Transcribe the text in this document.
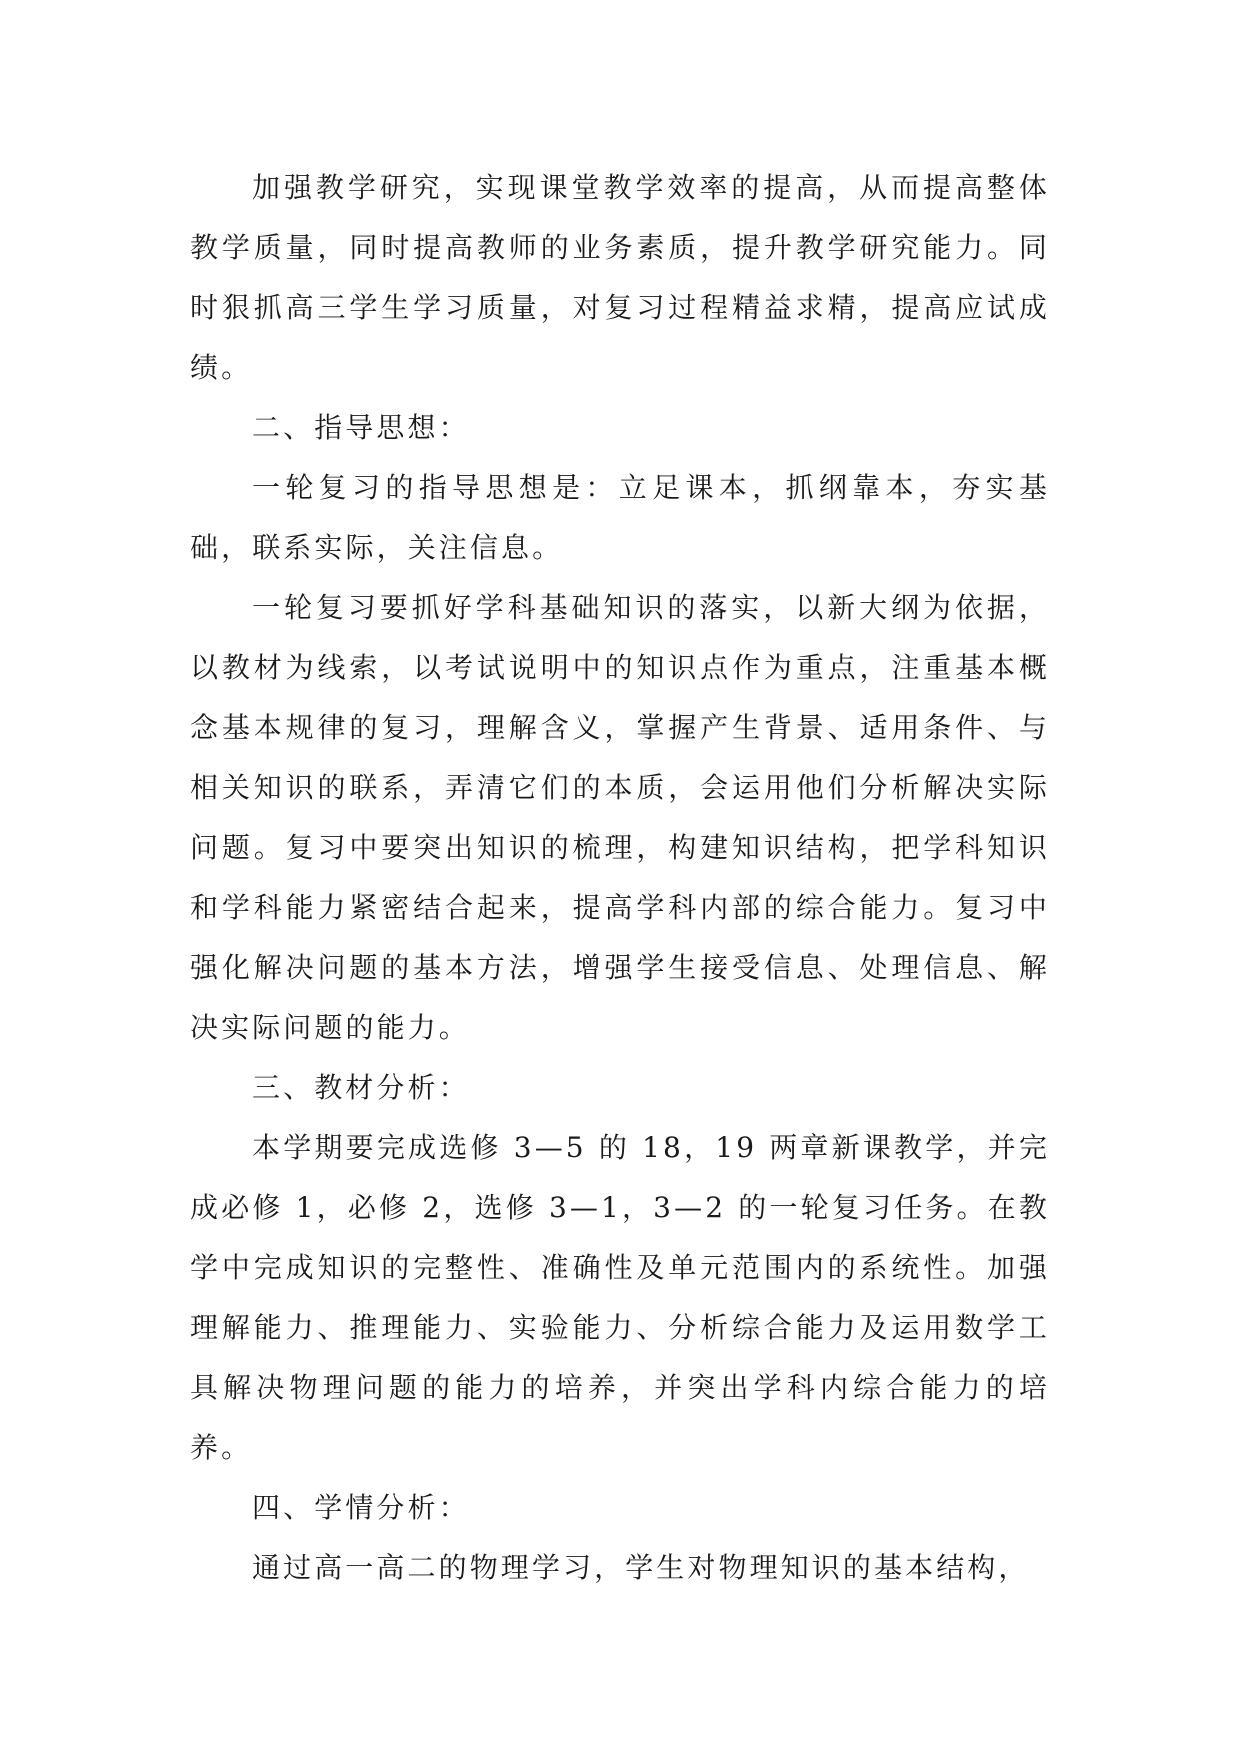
加强教学研究，实现课堂教学效率的提高，从而提高整体教学质量，同时提高教师的业务素质，提升教学研究能力。同时狠抓高三学生学习质量，对复习过程精益求精，提高应试成绩。

二、指导思想：

一轮复习的指导思想是：立足课本，抓纲靠本，夯实基础，联系实际，关注信息。

一轮复习要抓好学科基础知识的落实，以新大纲为依据，以教材为线索，以考试说明中的知识点作为重点，注重基本概念基本规律的复习，理解含义，掌握产生背景、适用条件、与相关知识的联系，弄清它们的本质，会运用他们分析解决实际问题。复习中要突出知识的梳理，构建知识结构，把学科知识和学科能力紧密结合起来，提高学科内部的综合能力。复习中强化解决问题的基本方法，增强学生接受信息、处理信息、解决实际问题的能力。

三、教材分析：

本学期要完成选修 3—5 的 18，19 两章新课教学，并完成必修 1，必修 2，选修 3—1，3—2 的一轮复习任务。在教学中完成知识的完整性、准确性及单元范围内的系统性。加强理解能力、推理能力、实验能力、分析综合能力及运用数学工具解决物理问题的能力的培养，并突出学科内综合能力的培养。

四、学情分析：

通过高一高二的物理学习，学生对物理知识的基本结构，
